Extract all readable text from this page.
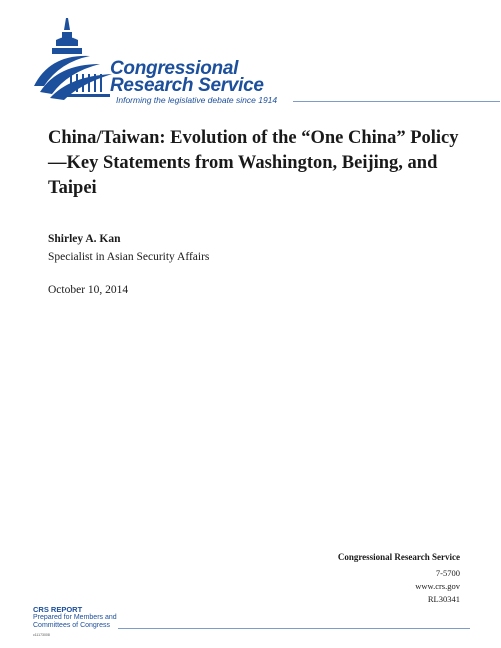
Congressional
Research Service
Informing the legislative debate since 1914
China/Taiwan: Evolution of the “One China” Policy—Key Statements from Washington, Beijing, and Taipei
Shirley A. Kan
Specialist in Asian Security Affairs
October 10, 2014
Congressional Research Service
7-5700
www.crs.gov
RL30341
CRS REPORT
Prepared for Members and
Committees of Congress
c11173008
